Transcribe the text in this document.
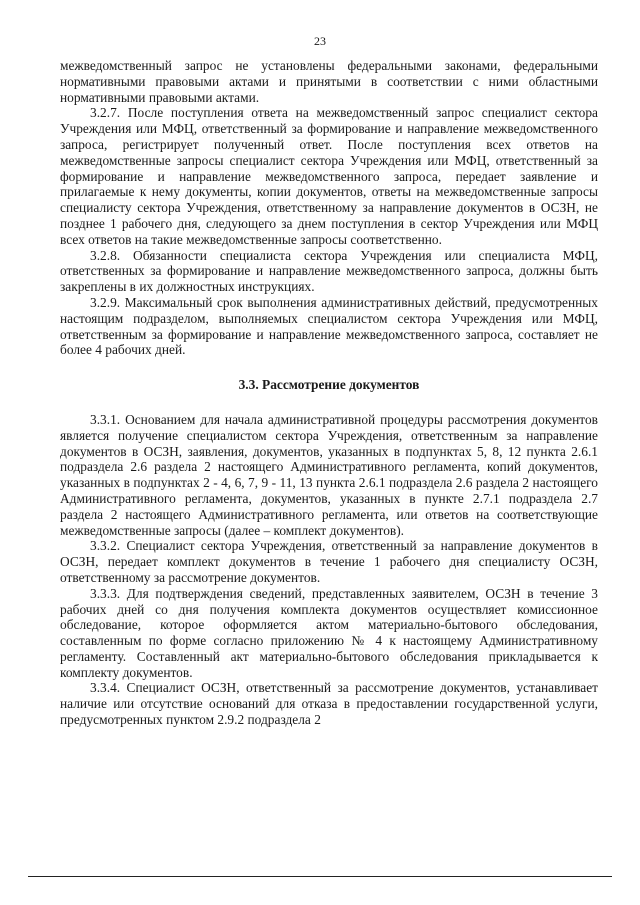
23

межведомственный запрос не установлены федеральными законами, федеральными нормативными правовыми актами и принятыми в соответствии с ними областными нормативными правовыми актами.

3.2.7. После поступления ответа на межведомственный запрос специалист сектора Учреждения или МФЦ, ответственный за формирование и направление межведомственного запроса, регистрирует полученный ответ. После поступления всех ответов на межведомственные запросы специалист сектора Учреждения или МФЦ, ответственный за формирование и направление межведомственного запроса, передает заявление и прилагаемые к нему документы, копии документов, ответы на межведомственные запросы специалисту сектора Учреждения, ответственному за направление документов в ОСЗН, не позднее 1 рабочего дня, следующего за днем поступления в сектор Учреждения или МФЦ всех ответов на такие межведомственные запросы соответственно.

3.2.8. Обязанности специалиста сектора Учреждения или специалиста МФЦ, ответственных за формирование и направление межведомственного запроса, должны быть закреплены в их должностных инструкциях.

3.2.9. Максимальный срок выполнения административных действий, предусмотренных настоящим подразделом, выполняемых специалистом сектора Учреждения или МФЦ, ответственным за формирование и направление межведомственного запроса, составляет не более 4 рабочих дней.

3.3. Рассмотрение документов

3.3.1. Основанием для начала административной процедуры рассмотрения документов является получение специалистом сектора Учреждения, ответственным за направление документов в ОСЗН, заявления, документов, указанных в подпунктах 5, 8, 12 пункта 2.6.1 подраздела 2.6 раздела 2 настоящего Административного регламента, копий документов, указанных в подпунктах 2 - 4, 6, 7, 9 - 11, 13 пункта 2.6.1 подраздела 2.6 раздела 2 настоящего Административного регламента, документов, указанных в пункте 2.7.1 подраздела 2.7 раздела 2 настоящего Административного регламента, или ответов на соответствующие межведомственные запросы (далее – комплект документов).

3.3.2. Специалист сектора Учреждения, ответственный за направление документов в ОСЗН, передает комплект документов в течение 1 рабочего дня специалисту ОСЗН, ответственному за рассмотрение документов.

3.3.3. Для подтверждения сведений, представленных заявителем, ОСЗН в течение 3 рабочих дней со дня получения комплекта документов осуществляет комиссионное обследование, которое оформляется актом материально-бытового обследования, составленным по форме согласно приложению № 4 к настоящему Административному регламенту. Составленный акт материально-бытового обследования прикладывается к комплекту документов.

3.3.4. Специалист ОСЗН, ответственный за рассмотрение документов, устанавливает наличие или отсутствие оснований для отказа в предоставлении государственной услуги, предусмотренных пунктом 2.9.2 подраздела 2
